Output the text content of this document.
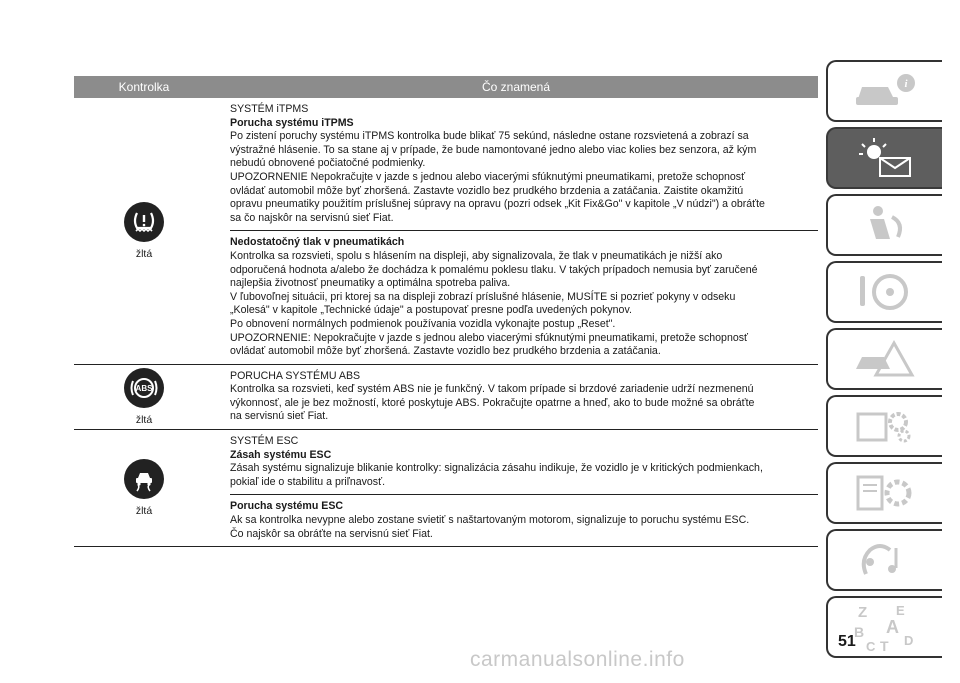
Kontrolka	Čo znamená
žltá

SYSTÉM iTPMS

Porucha systému iTPMS

Po zistení poruchy systému iTPMS kontrolka bude blikať 75 sekúnd, následne ostane rozsvietená a zobrazí sa

výstražné hlásenie. To sa stane aj v prípade, že bude namontované jedno alebo viac kolies bez senzora, až kým

nebudú obnovené počiatočné podmienky.

UPOZORNENIE Nepokračujte v jazde s jednou alebo viacerými sfúknutými pneumatikami, pretože schopnosť

ovládať automobil môže byť zhoršená. Zastavte vozidlo bez prudkého brzdenia a zatáčania. Zaistite okamžitú

opravu pneumatiky použitím príslušnej súpravy na opravu (pozri odsek „Kit Fix&Go" v kapitole „V núdzi") a obráťte

sa čo najskôr na servisnú sieť Fiat.

Nedostatočný tlak v pneumatikách

Kontrolka sa rozsvieti, spolu s hlásením na displeji, aby signalizovala, že tlak v pneumatikách je nižší ako

odporučená hodnota a/alebo že dochádza k pomalému poklesu tlaku. V takých prípadoch nemusia byť zaručené

najlepšia životnosť pneumatiky a optimálna spotreba paliva.

V ľubovoľnej situácii, pri ktorej sa na displeji zobrazí príslušné hlásenie, MUSÍTE si pozrieť pokyny v odseku

„Kolesá" v kapitole „Technické údaje" a postupovať presne podľa uvedených pokynov.

Po obnovení normálnych podmienok používania vozidla vykonajte postup „Reset".

UPOZORNENIE: Nepokračujte v jazde s jednou alebo viacerými sfúknutými pneumatikami, pretože schopnosť

ovládať automobil môže byť zhoršená. Zastavte vozidlo bez prudkého brzdenia a zatáčania.

ABS
žltá

PORUCHA SYSTÉMU ABS

Kontrolka sa rozsvieti, keď systém ABS nie je funkčný. V takom prípade si brzdové zariadenie udrží nezmenenú

výkonnosť, ale je bez možností, ktoré poskytuje ABS. Pokračujte opatrne a hneď, ako to bude možné sa obráťte

na servisnú sieť Fiat.

žltá

SYSTÉM ESC

Zásah systému ESC

Zásah systému signalizuje blikanie kontrolky: signalizácia zásahu indikuje, že vozidlo je v kritických podmienkach,

pokiaľ ide o stabilitu a priľnavosť.

Porucha systému ESC

Ak sa kontrolka nevypne alebo zostane svietiť s naštartovaným motorom, signalizuje to poruchu systému ESC.

Čo najskôr sa obráťte na servisnú sieť Fiat.

i
Z E
B A
C D
T
51
carmanualsonline.info
